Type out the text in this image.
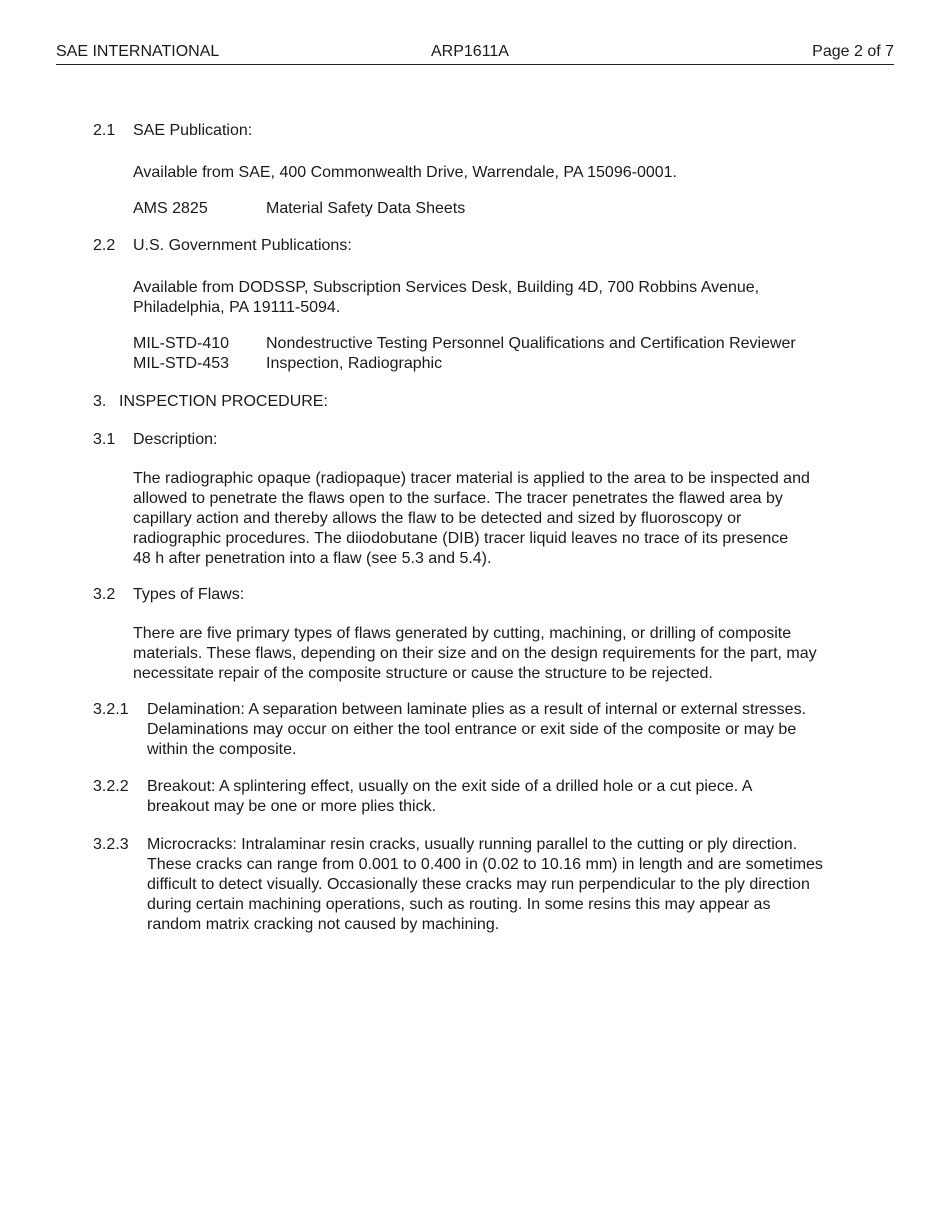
SAE INTERNATIONAL	ARP1611A	Page 2 of 7
2.1 SAE Publication:
Available from SAE, 400 Commonwealth Drive, Warrendale, PA 15096-0001.
AMS 2825	Material Safety Data Sheets
2.2 U.S. Government Publications:
Available from DODSSP, Subscription Services Desk, Building 4D, 700 Robbins Avenue,
Philadelphia, PA 19111-5094.
MIL-STD-410 Nondestructive Testing Personnel Qualifications and Certification Reviewer
MIL-STD-453 Inspection, Radiographic
3. INSPECTION PROCEDURE:
3.1 Description:
The radiographic opaque (radiopaque) tracer material is applied to the area to be inspected and
allowed to penetrate the flaws open to the surface. The tracer penetrates the flawed area by
capillary action and thereby allows the flaw to be detected and sized by fluoroscopy or
radiographic procedures. The diiodobutane (DIB) tracer liquid leaves no trace of its presence
48 h after penetration into a flaw (see 5.3 and 5.4).
3.2 Types of Flaws:
There are five primary types of flaws generated by cutting, machining, or drilling of composite
materials. These flaws, depending on their size and on the design requirements for the part, may
necessitate repair of the composite structure or cause the structure to be rejected.
3.2.1	Delamination: A separation between laminate plies as a result of internal or external stresses.
Delaminations may occur on either the tool entrance or exit side of the composite or may be
within the composite.
3.2.2	Breakout: A splintering effect, usually on the exit side of a drilled hole or a cut piece. A
breakout may be one or more plies thick.
3.2.3	Microcracks: Intralaminar resin cracks, usually running parallel to the cutting or ply direction.
These cracks can range from 0.001 to 0.400 in (0.02 to 10.16 mm) in length and are sometimes
difficult to detect visually. Occasionally these cracks may run perpendicular to the ply direction
during certain machining operations, such as routing. In some resins this may appear as
random matrix cracking not caused by machining.
